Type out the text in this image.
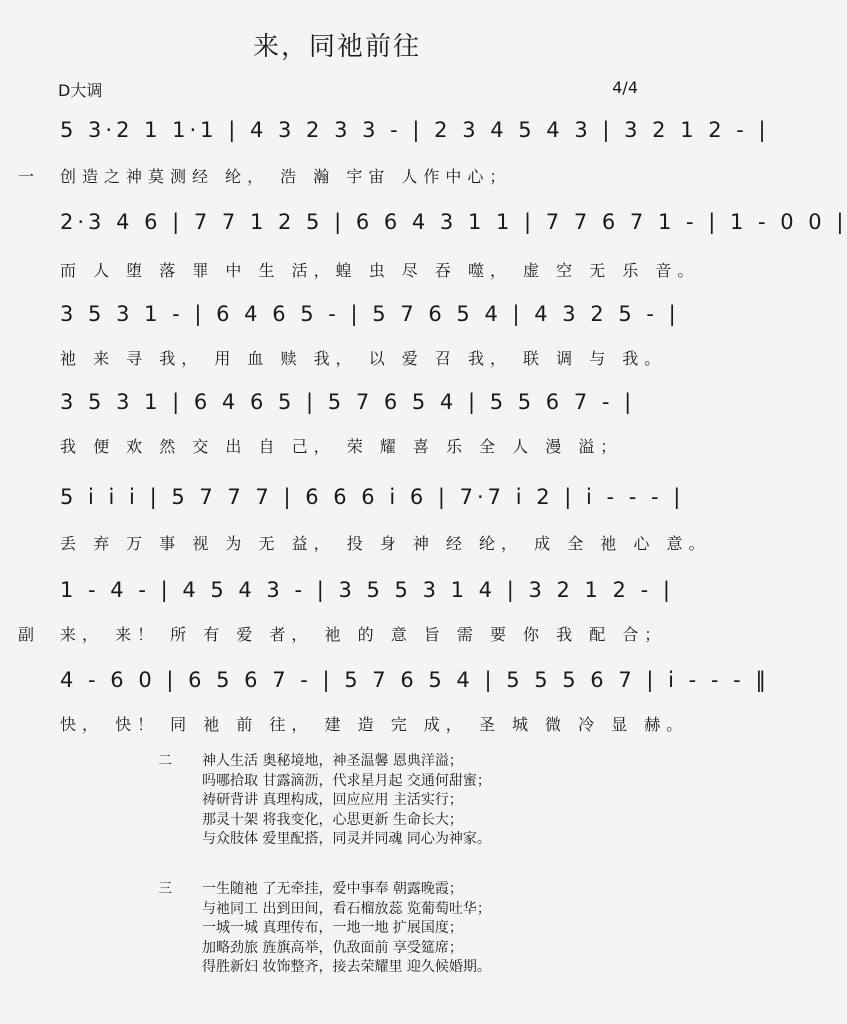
来，同祂前往
D大调	4/4
5 3·2 1 1·1 | 4 3 2 3 3 - | 2 3 4 5 4 3 | 3 2 1 2 - |
一 创造之神莫测经 纶， 浩 瀚 宇宙 人作中心；
2·3 4 6 | 7 7 1 2 5 | 6 6 4 3 1 1 | 7 7 6 7 1 - | 1 - 0 0 |
而 人 堕 落 罪 中 生 活，蝗 虫 尽 吞 噬， 虚 空 无 乐 音。
3 5 3 1 - | 6 4 6 5 - | 5 7 6 5 4 | 4 3 2 5 - |
祂 来 寻 我， 用 血 赎 我， 以 爱 召 我， 联 调 与 我。
3 5 3 1 | 6 4 6 5 | 5 7 6 5 4 | 5 5 6 7 - |
我 便 欢 然 交 出 自 己， 荣 耀 喜 乐 全 人 漫 溢；
5 i i i | 5 7 7 7 | 6 6 6 i 6 | 7·7 i 2 | i - - - |
丢 弃 万 事 视 为 无 益， 投 身 神 经 纶， 成 全 祂 心 意。
1 - 4 - | 4 5 4 3 - | 3 5 5 3 1 4 | 3 2 1 2 - |
副 来， 来！ 所 有 爱 者， 祂 的 意 旨 需 要 你 我 配 合；
4 - 6 0 | 6 5 6 7 - | 5 7 6 5 4 | 5 5 5 6 7 | i - - - ‖
快， 快！ 同 祂 前 往， 建 造 完 成， 圣 城 微 冷 显 赫。
二 神人生活 奥秘境地，神圣温馨 恩典洋溢；
吗哪拾取 甘露滴沥，代求星月起 交通何甜蜜；
祷研背讲 真理构成，回应应用 主活实行；
那灵十架 将我变化，心思更新 生命长大；
与众肢体 爱里配搭，同灵并同魂 同心为神家。
三 一生随祂 了无牵挂，爱中事奉 朝露晚霞；
与祂同工 出到田间，看石榴放蕊 览葡萄吐华；
一城一城 真理传布，一地一地 扩展国度；
加略劲旅 旌旗高举，仇敌面前 享受筵席；
得胜新妇 妆饰整齐，接去荣耀里 迎久候婚期。
